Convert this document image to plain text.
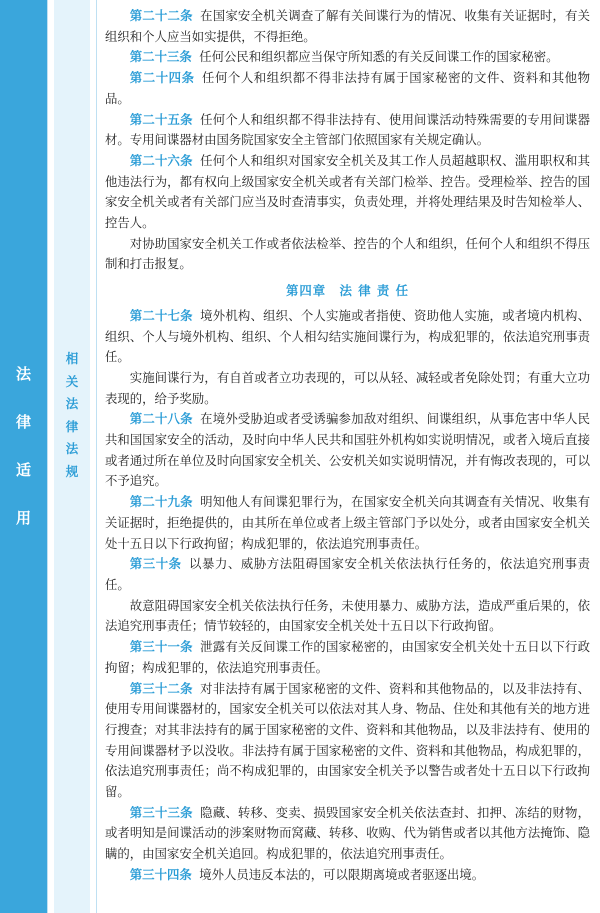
法
律
适
用
相
关
法
律
法
规

第二十二条 在国家安全机关调查了解有关间谍行为的情况、收集有关证据时，有关组织和个人应当如实提供，不得拒绝。

第二十三条 任何公民和组织都应当保守所知悉的有关反间谍工作的国家秘密。

第二十四条 任何个人和组织都不得非法持有属于国家秘密的文件、资料和其他物品。

第二十五条 任何个人和组织都不得非法持有、使用间谍活动特殊需要的专用间谍器材。专用间谍器材由国务院国家安全主管部门依照国家有关规定确认。

第二十六条 任何个人和组织对国家安全机关及其工作人员超越职权、滥用职权和其他违法行为，都有权向上级国家安全机关或者有关部门检举、控告。受理检举、控告的国家安全机关或者有关部门应当及时查清事实，负责处理，并将处理结果及时告知检举人、控告人。

对协助国家安全机关工作或者依法检举、控告的个人和组织，任何个人和组织不得压制和打击报复。

第四章　法 律 责 任

第二十七条 境外机构、组织、个人实施或者指使、资助他人实施，或者境内机构、组织、个人与境外机构、组织、个人相勾结实施间谍行为，构成犯罪的，依法追究刑事责任。

实施间谍行为，有自首或者立功表现的，可以从轻、减轻或者免除处罚；有重大立功表现的，给予奖励。

第二十八条 在境外受胁迫或者受诱骗参加敌对组织、间谍组织，从事危害中华人民共和国国家安全的活动，及时向中华人民共和国驻外机构如实说明情况，或者入境后直接或者通过所在单位及时向国家安全机关、公安机关如实说明情况，并有悔改表现的，可以不予追究。

第二十九条 明知他人有间谍犯罪行为，在国家安全机关向其调查有关情况、收集有关证据时，拒绝提供的，由其所在单位或者上级主管部门予以处分，或者由国家安全机关处十五日以下行政拘留；构成犯罪的，依法追究刑事责任。

第三十条 以暴力、威胁方法阻碍国家安全机关依法执行任务的，依法追究刑事责任。

故意阻碍国家安全机关依法执行任务，未使用暴力、威胁方法，造成严重后果的，依法追究刑事责任；情节较轻的，由国家安全机关处十五日以下行政拘留。

第三十一条 泄露有关反间谍工作的国家秘密的，由国家安全机关处十五日以下行政拘留；构成犯罪的，依法追究刑事责任。

第三十二条 对非法持有属于国家秘密的文件、资料和其他物品的，以及非法持有、使用专用间谍器材的，国家安全机关可以依法对其人身、物品、住处和其他有关的地方进行搜查；对其非法持有的属于国家秘密的文件、资料和其他物品，以及非法持有、使用的专用间谍器材予以没收。非法持有属于国家秘密的文件、资料和其他物品，构成犯罪的，依法追究刑事责任；尚不构成犯罪的，由国家安全机关予以警告或者处十五日以下行政拘留。

第三十三条 隐藏、转移、变卖、损毁国家安全机关依法查封、扣押、冻结的财物，或者明知是间谍活动的涉案财物而窝藏、转移、收购、代为销售或者以其他方法掩饰、隐瞒的，由国家安全机关追回。构成犯罪的，依法追究刑事责任。

第三十四条 境外人员违反本法的，可以限期离境或者驱逐出境。
